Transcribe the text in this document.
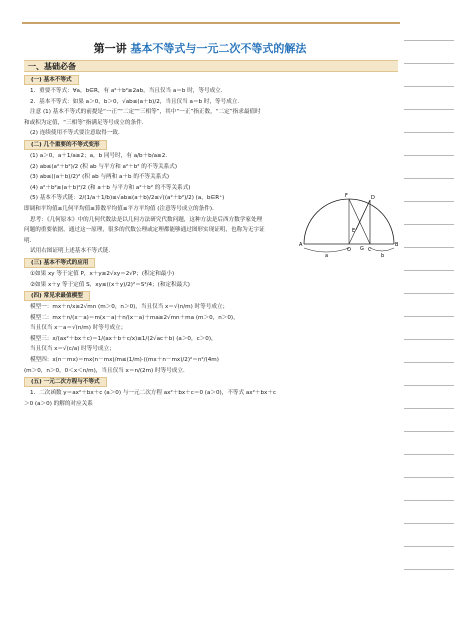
第一讲 基本不等式与一元二次不等式的解法
一、基础必备
(一) 基本不等式
1．重要不等式：∀a，b∈R，有 a²＋b²≥2ab，当且仅当 a＝b 时，等号成立．
2．基本不等式：如果 a＞0，b＞0，√ab≤(a＋b)/2，当且仅当 a＝b 时，等号成立．
注意 (1) 基本不等式的前提是“一正”“二定”“三相等”，其中“一正”指正数，“二定”指求最值时
和或积为定值，“三相等”指满足等号成立的条件．
(2) 连续使用不等式要注意取得一致．
(二) 几个重要的不等式变形
(1) a＞0，a＋1/a≥2；a，b 同号时，有 a/b＋b/a≥2．
(2) ab≤(a²＋b²)/2 (积 ab 与平方和 a²＋b² 的不等关系式)
(3) ab≤((a＋b)/2)² (积 ab 与两和 a＋b 的不等关系式)
(4) a²＋b²≥(a＋b)²/2 (和 a＋b 与平方和 a²＋b² 的不等关系式)
(5) 基本不等式链：2/(1/a＋1/b)≤√ab≤(a＋b)/2≤√((a²＋b²)/2) (a，b∈R⁺)
即调和平均值≤几何平均值≤算数平均值≤平方平均值 (注意等号成立的条件)．
思考：《几何原本》中的几何代数法是以几何方法研究代数问题，这种方法是后西方数学家处理
问题的重要依据，通过这一原理，很多的代数公理或定理都能够通过图形实现证明，也称为无字证
明．
试用右图证明上述基本不等式链．
(三) 基本不等式的应用
①如果 xy 等于定值 P，x＋y≥2√xy＝2√P；(积定和最小)
②如果 x＋y 等于定值 S，xy≤((x＋y)/2)²＝S²/4；(和定积最大)
(四) 常见求最值模型
模型一：mx＋n/x≥2√mn (m＞0，n＞0)，当且仅当 x＝√(n/m) 时等号成立；
模型二：mx＋n/(x－a)＝m(x－a)＋n/(x－a)＋ma≥2√mn＋ma (m＞0，n＞0)，
当且仅当 x－a＝√(n/m) 时等号成立；
模型三：x/(ax²＋bx＋c)＝1/(ax＋b＋c/x)≤1/(2√ac＋b) (a＞0，c＞0)，
当且仅当 x＝√(c/a) 时等号成立；
模型四：x(n－mx)＝mx(n－mx)/m≤(1/m)·((mx＋n－mx)/2)²＝n²/(4m)
(m＞0，n＞0，0＜x＜n/m)，当且仅当 x＝n/(2m) 时等号成立．
(五) 一元二次方程与不等式
1．二次函数 y＝ax²＋bx＋c (a＞0) 与一元二次方程 ax²＋bx＋c＝0 (a＞0)，不等式 ax²＋bx＋c
＞0 (a＞0) 的解的对应关系
A
O	C
B
D
E
F
G
a	b
